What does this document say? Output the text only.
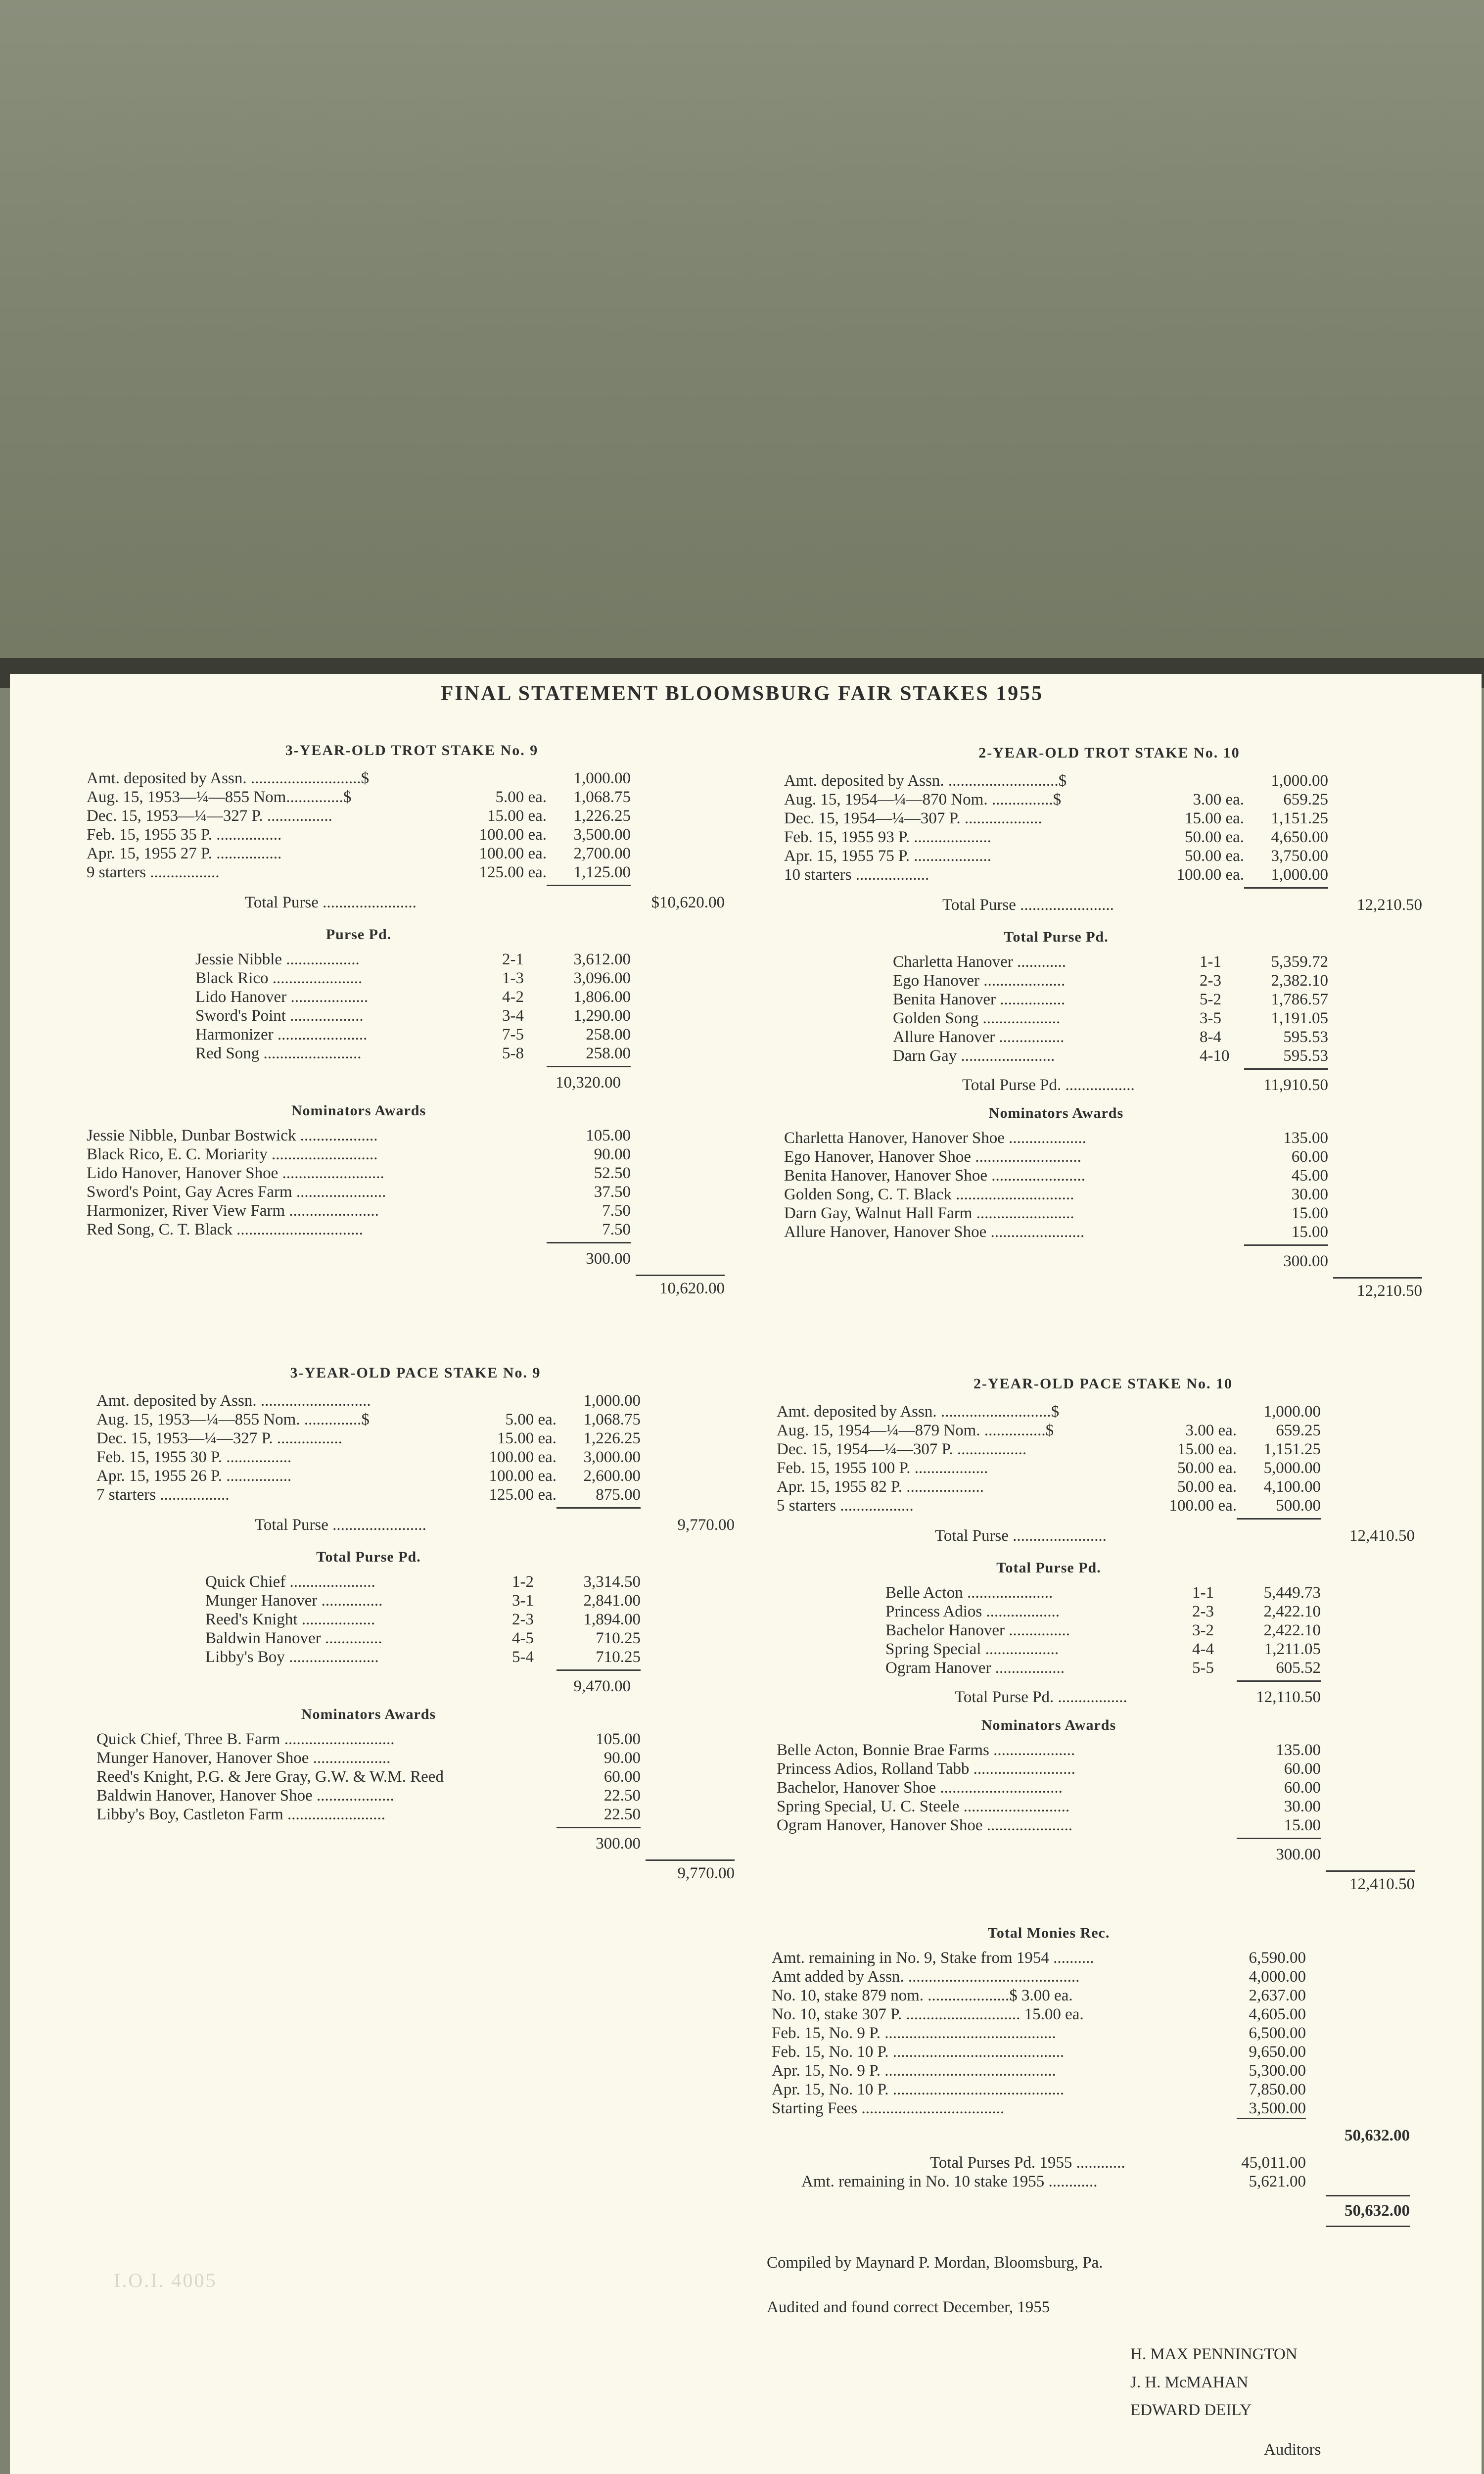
I.O.I. 4005
FINAL STATEMENT BLOOMSBURG FAIR STAKES 1955
3-YEAR-OLD TROT STAKE No. 9
Amt. deposited by Assn. ...........................$	1,000.00
Aug. 15, 1953—¼—855 Nom..............$	5.00 ea.	1,068.75
Dec. 15, 1953—¼—327 P. ................	15.00 ea.	1,226.25
Feb. 15, 1955 35 P. ................	100.00 ea.	3,500.00
Apr. 15, 1955 27 P. ................	100.00 ea.	2,700.00
9 starters .................	125.00 ea.	1,125.00
Total Purse .......................	$10,620.00
Purse Pd.
Jessie Nibble ..................	2-1	3,612.00
Black Rico ......................	1-3	3,096.00
Lido Hanover ...................	4-2	1,806.00
Sword's Point ..................	3-4	1,290.00
Harmonizer ......................	7-5	258.00
Red Song ........................	5-8	258.00
10,320.00
Nominators Awards
Jessie Nibble, Dunbar Bostwick ...................	105.00
Black Rico, E. C. Moriarity ..........................	90.00
Lido Hanover, Hanover Shoe .........................	52.50
Sword's Point, Gay Acres Farm ......................	37.50
Harmonizer, River View Farm ......................	7.50
Red Song, C. T. Black ...............................	7.50
300.00
10,620.00
2-YEAR-OLD TROT STAKE No. 10
Amt. deposited by Assn. ...........................$	1,000.00
Aug. 15, 1954—¼—870 Nom. ...............$	3.00 ea.	659.25
Dec. 15, 1954—¼—307 P. ...................	15.00 ea.	1,151.25
Feb. 15, 1955 93 P. ...................	50.00 ea.	4,650.00
Apr. 15, 1955 75 P. ...................	50.00 ea.	3,750.00
10 starters ..................	100.00 ea.	1,000.00
Total Purse .......................	12,210.50
Total Purse Pd.
Charletta Hanover ............	1-1	5,359.72
Ego Hanover ....................	2-3	2,382.10
Benita Hanover ................	5-2	1,786.57
Golden Song ...................	3-5	1,191.05
Allure Hanover ................	8-4	595.53
Darn Gay .......................	4-10	595.53
Total Purse Pd. .................	11,910.50
Nominators Awards
Charletta Hanover, Hanover Shoe ...................	135.00
Ego Hanover, Hanover Shoe ..........................	60.00
Benita Hanover, Hanover Shoe .......................	45.00
Golden Song, C. T. Black .............................	30.00
Darn Gay, Walnut Hall Farm ........................	15.00
Allure Hanover, Hanover Shoe .......................	15.00
300.00
12,210.50
3-YEAR-OLD PACE STAKE No. 9
Amt. deposited by Assn. ...........................	1,000.00
Aug. 15, 1953—¼—855 Nom. ..............$	5.00 ea.	1,068.75
Dec. 15, 1953—¼—327 P. ................	15.00 ea.	1,226.25
Feb. 15, 1955 30 P. ................	100.00 ea.	3,000.00
Apr. 15, 1955 26 P. ................	100.00 ea.	2,600.00
7 starters .................	125.00 ea.	875.00
Total Purse .......................	9,770.00
Total Purse Pd.
Quick Chief .....................	1-2	3,314.50
Munger Hanover ...............	3-1	2,841.00
Reed's Knight ..................	2-3	1,894.00
Baldwin Hanover ..............	4-5	710.25
Libby's Boy ......................	5-4	710.25
9,470.00
Nominators Awards
Quick Chief, Three B. Farm ...........................	105.00
Munger Hanover, Hanover Shoe ...................	90.00
Reed's Knight, P.G. & Jere Gray, G.W. & W.M. Reed	60.00
Baldwin Hanover, Hanover Shoe ...................	22.50
Libby's Boy, Castleton Farm ........................	22.50
300.00
9,770.00
2-YEAR-OLD PACE STAKE No. 10
Amt. deposited by Assn. ...........................$	1,000.00
Aug. 15, 1954—¼—879 Nom. ...............$	3.00 ea.	659.25
Dec. 15, 1954—¼—307 P. .................	15.00 ea.	1,151.25
Feb. 15, 1955 100 P. ..................	50.00 ea.	5,000.00
Apr. 15, 1955 82 P. ...................	50.00 ea.	4,100.00
5 starters ..................	100.00 ea.	500.00
Total Purse .......................	12,410.50
Total Purse Pd.
Belle Acton .....................	1-1	5,449.73
Princess Adios ..................	2-3	2,422.10
Bachelor Hanover ...............	3-2	2,422.10
Spring Special ..................	4-4	1,211.05
Ogram Hanover .................	5-5	605.52
Total Purse Pd. .................	12,110.50
Nominators Awards
Belle Acton, Bonnie Brae Farms ....................	135.00
Princess Adios, Rolland Tabb .........................	60.00
Bachelor, Hanover Shoe ..............................	60.00
Spring Special, U. C. Steele ..........................	30.00
Ogram Hanover, Hanover Shoe .....................	15.00
300.00
12,410.50
Total Monies Rec.
Amt. remaining in No. 9, Stake from 1954 ..........	6,590.00
Amt added by Assn. ..........................................	4,000.00
No. 10, stake 879 nom. ....................$ 3.00 ea.	2,637.00
No. 10, stake 307 P. ............................ 15.00 ea.	4,605.00
Feb. 15, No. 9 P. ..........................................	6,500.00
Feb. 15, No. 10 P. ..........................................	9,650.00
Apr. 15, No. 9 P. ..........................................	5,300.00
Apr. 15, No. 10 P. ..........................................	7,850.00
Starting Fees ...................................	3,500.00
50,632.00
Total Purses Pd. 1955 ............	45,011.00
Amt. remaining in No. 10 stake 1955 ............	5,621.00
50,632.00
Compiled by Maynard P. Mordan, Bloomsburg, Pa.
Audited and found correct December, 1955
H. MAX PENNINGTON
J. H. McMAHAN
EDWARD DEILY
Auditors
